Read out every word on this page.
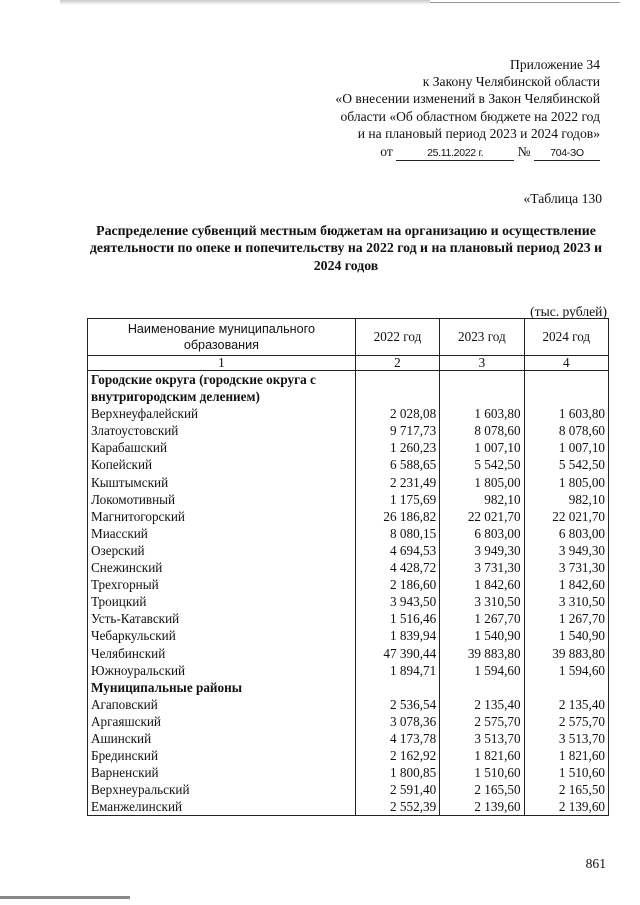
Приложение 34
к Закону Челябинской области
«О внесении изменений в Закон Челябинской
области «Об областном бюджете на 2022 год
и на плановый период 2023 и 2024 годов»
от	25.11.2022 г.	№ 704-ЗО
«Таблица 130
Распределение субвенций местным бюджетам на организацию и осуществление деятельности по опеке и попечительству на 2022 год и на плановый период 2023 и 2024 годов
(тыс. рублей)
Наименование муниципального образования	2022 год	2023 год	2024 год
1	2	3	4
Городские округа (городские округа с внутригородским делением)			
Верхнеуфалейский	2 028,08	1 603,80	1 603,80
Златоустовский	9 717,73	8 078,60	8 078,60
Карабашский	1 260,23	1 007,10	1 007,10
Копейский	6 588,65	5 542,50	5 542,50
Кыштымский	2 231,49	1 805,00	1 805,00
Локомотивный	1 175,69	982,10	982,10
Магнитогорский	26 186,82	22 021,70	22 021,70
Миасский	8 080,15	6 803,00	6 803,00
Озерский	4 694,53	3 949,30	3 949,30
Снежинский	4 428,72	3 731,30	3 731,30
Трехгорный	2 186,60	1 842,60	1 842,60
Троицкий	3 943,50	3 310,50	3 310,50
Усть-Катавский	1 516,46	1 267,70	1 267,70
Чебаркульский	1 839,94	1 540,90	1 540,90
Челябинский	47 390,44	39 883,80	39 883,80
Южноуральский	1 894,71	1 594,60	1 594,60
Муниципальные районы			
Агаповский	2 536,54	2 135,40	2 135,40
Аргаяшский	3 078,36	2 575,70	2 575,70
Ашинский	4 173,78	3 513,70	3 513,70
Брединский	2 162,92	1 821,60	1 821,60
Варненский	1 800,85	1 510,60	1 510,60
Верхнеуральский	2 591,40	2 165,50	2 165,50
Еманжелинский	2 552,39	2 139,60	2 139,60
861
